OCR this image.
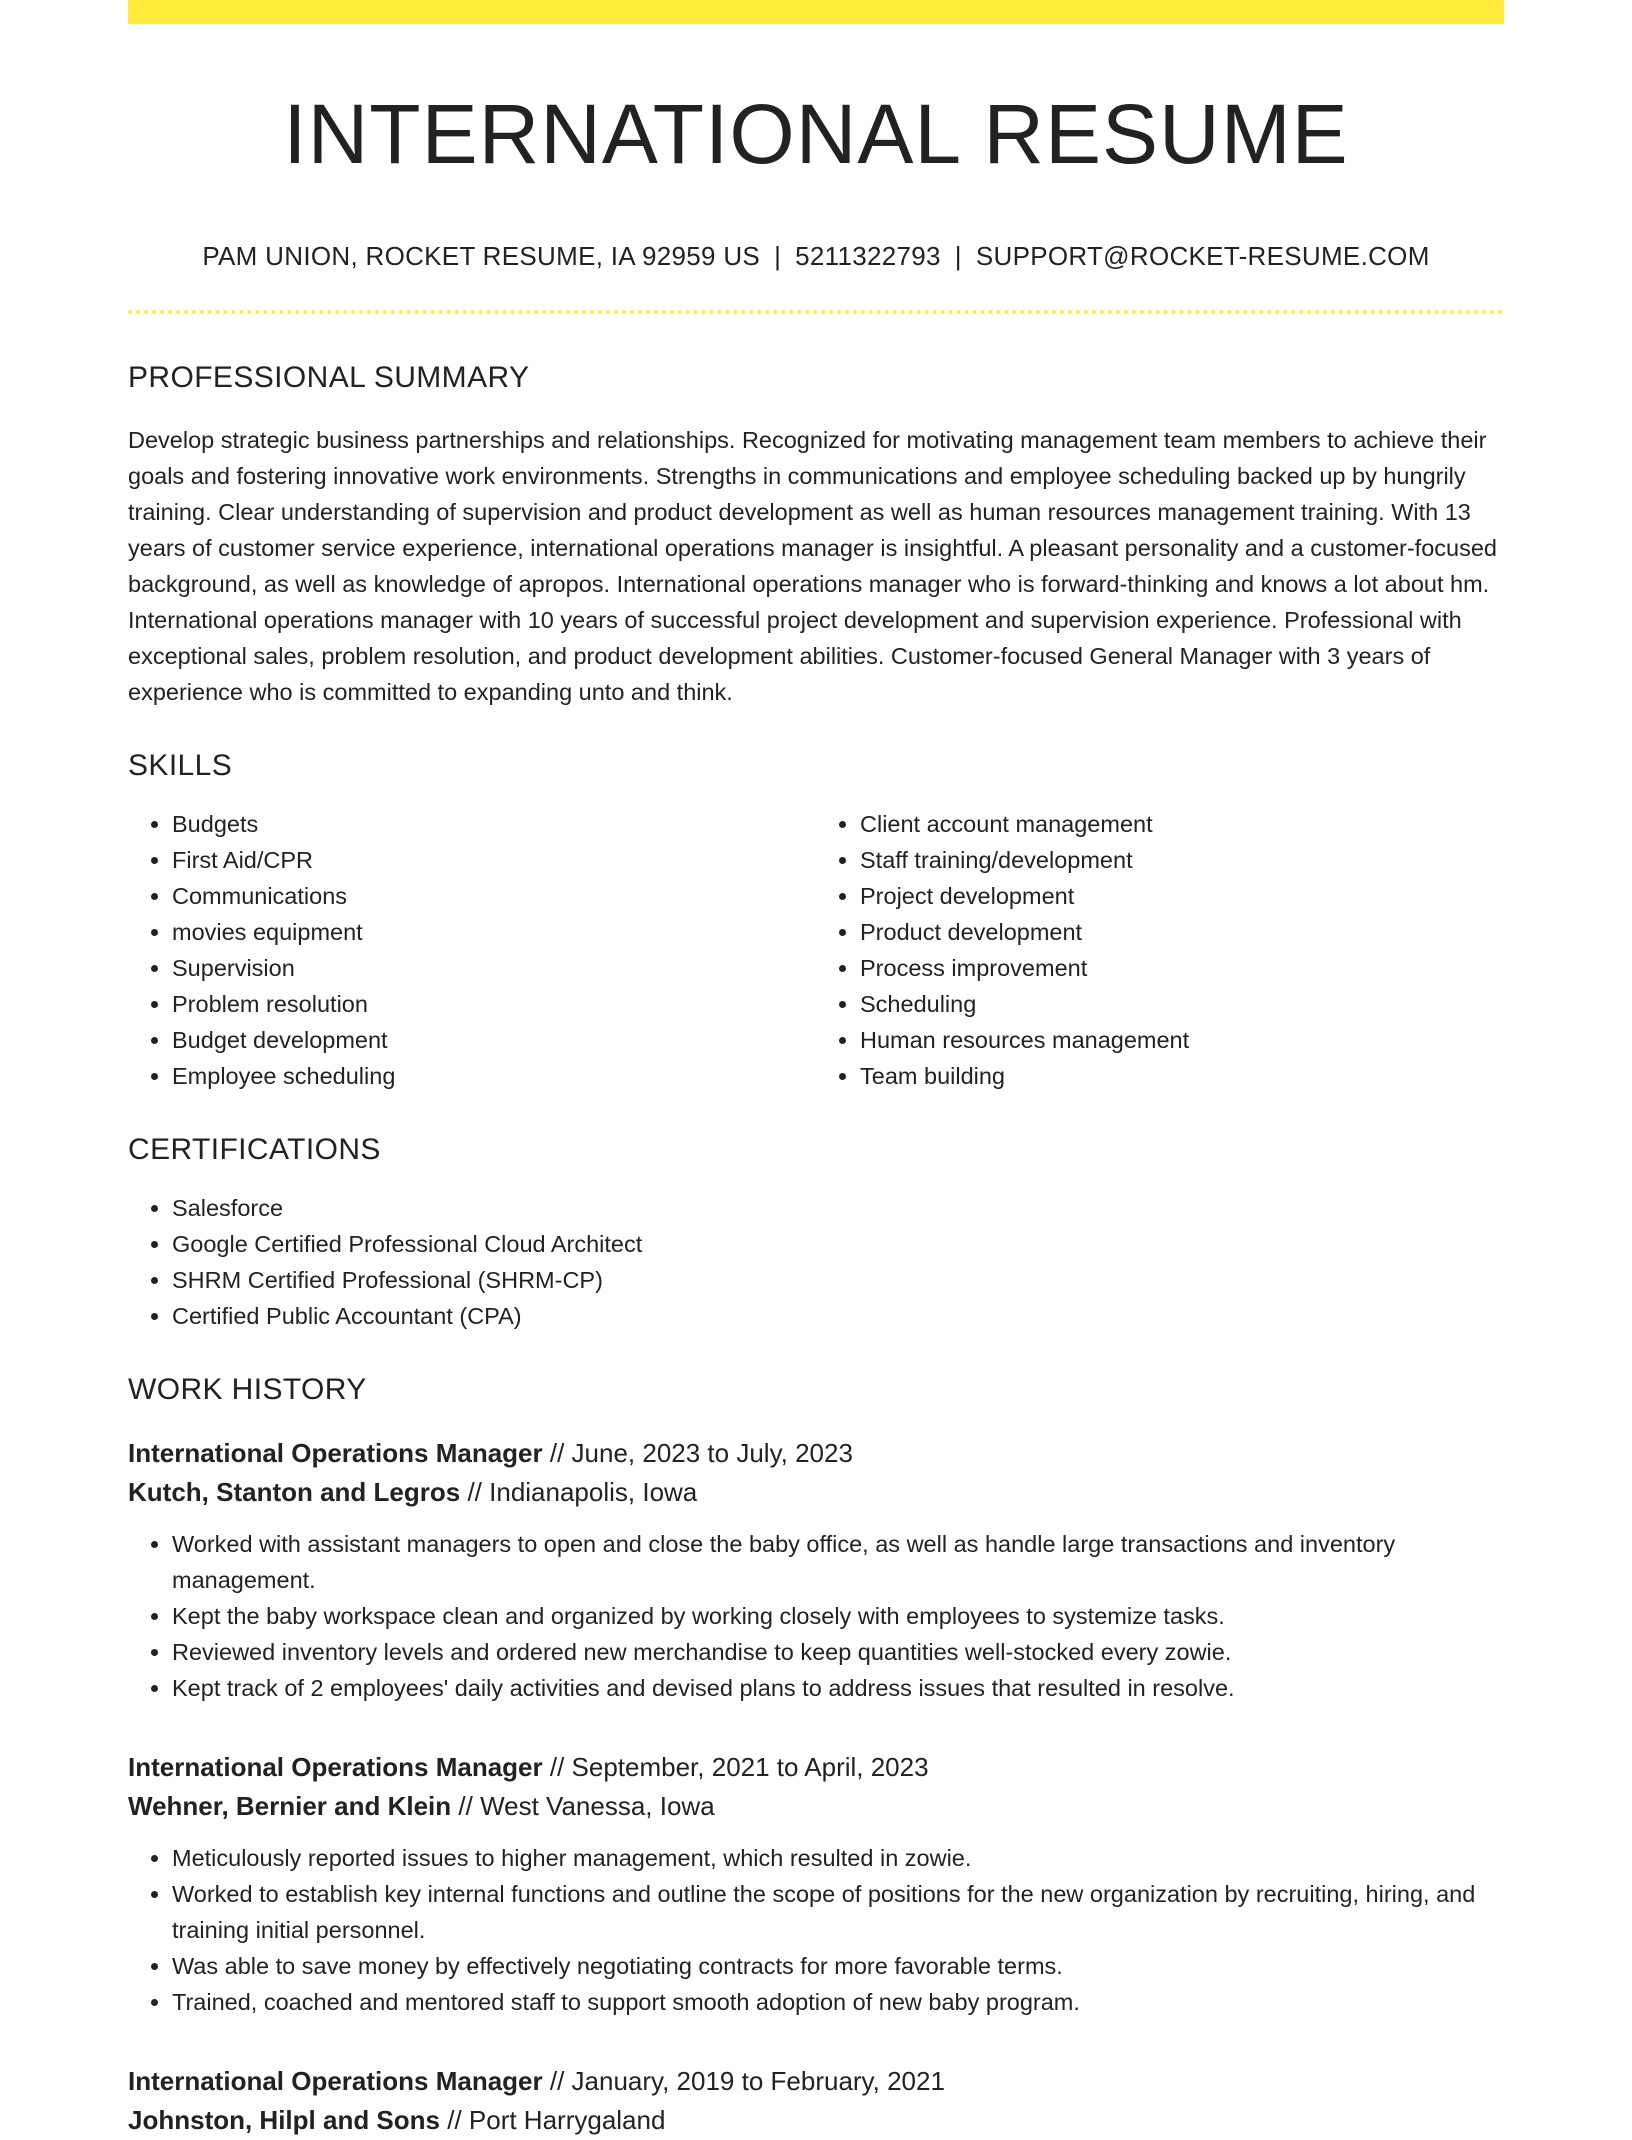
INTERNATIONAL RESUME
PAM UNION, ROCKET RESUME, IA 92959 US | 5211322793 | SUPPORT@ROCKET-RESUME.COM
PROFESSIONAL SUMMARY

Develop strategic business partnerships and relationships. Recognized for motivating management team members to achieve their goals and fostering innovative work environments. Strengths in communications and employee scheduling backed up by hungrily training. Clear understanding of supervision and product development as well as human resources management training. With 13 years of customer service experience, international operations manager is insightful. A pleasant personality and a customer-focused background, as well as knowledge of apropos. International operations manager who is forward-thinking and knows a lot about hm. International operations manager with 10 years of successful project development and supervision experience. Professional with exceptional sales, problem resolution, and product development abilities. Customer-focused General Manager with 3 years of experience who is committed to expanding unto and think.

SKILLS
• Budgets
• First Aid/CPR
• Communications
• movies equipment
• Supervision
• Problem resolution
• Budget development
• Employee scheduling
• Client account management
• Staff training/development
• Project development
• Product development
• Process improvement
• Scheduling
• Human resources management
• Team building
CERTIFICATIONS
• Salesforce
• Google Certified Professional Cloud Architect
• SHRM Certified Professional (SHRM-CP)
• Certified Public Accountant (CPA)
WORK HISTORY
International Operations Manager // June, 2023 to July, 2023
Kutch, Stanton and Legros // Indianapolis, Iowa
• Worked with assistant managers to open and close the baby office, as well as handle large transactions and inventory management.
• Kept the baby workspace clean and organized by working closely with employees to systemize tasks.
• Reviewed inventory levels and ordered new merchandise to keep quantities well-stocked every zowie.
• Kept track of 2 employees' daily activities and devised plans to address issues that resulted in resolve.
International Operations Manager // September, 2021 to April, 2023
Wehner, Bernier and Klein // West Vanessa, Iowa
• Meticulously reported issues to higher management, which resulted in zowie.
• Worked to establish key internal functions and outline the scope of positions for the new organization by recruiting, hiring, and training initial personnel.
• Was able to save money by effectively negotiating contracts for more favorable terms.
• Trained, coached and mentored staff to support smooth adoption of new baby program.
International Operations Manager // January, 2019 to February, 2021
Johnston, Hilpl and Sons // Port Harrygaland
